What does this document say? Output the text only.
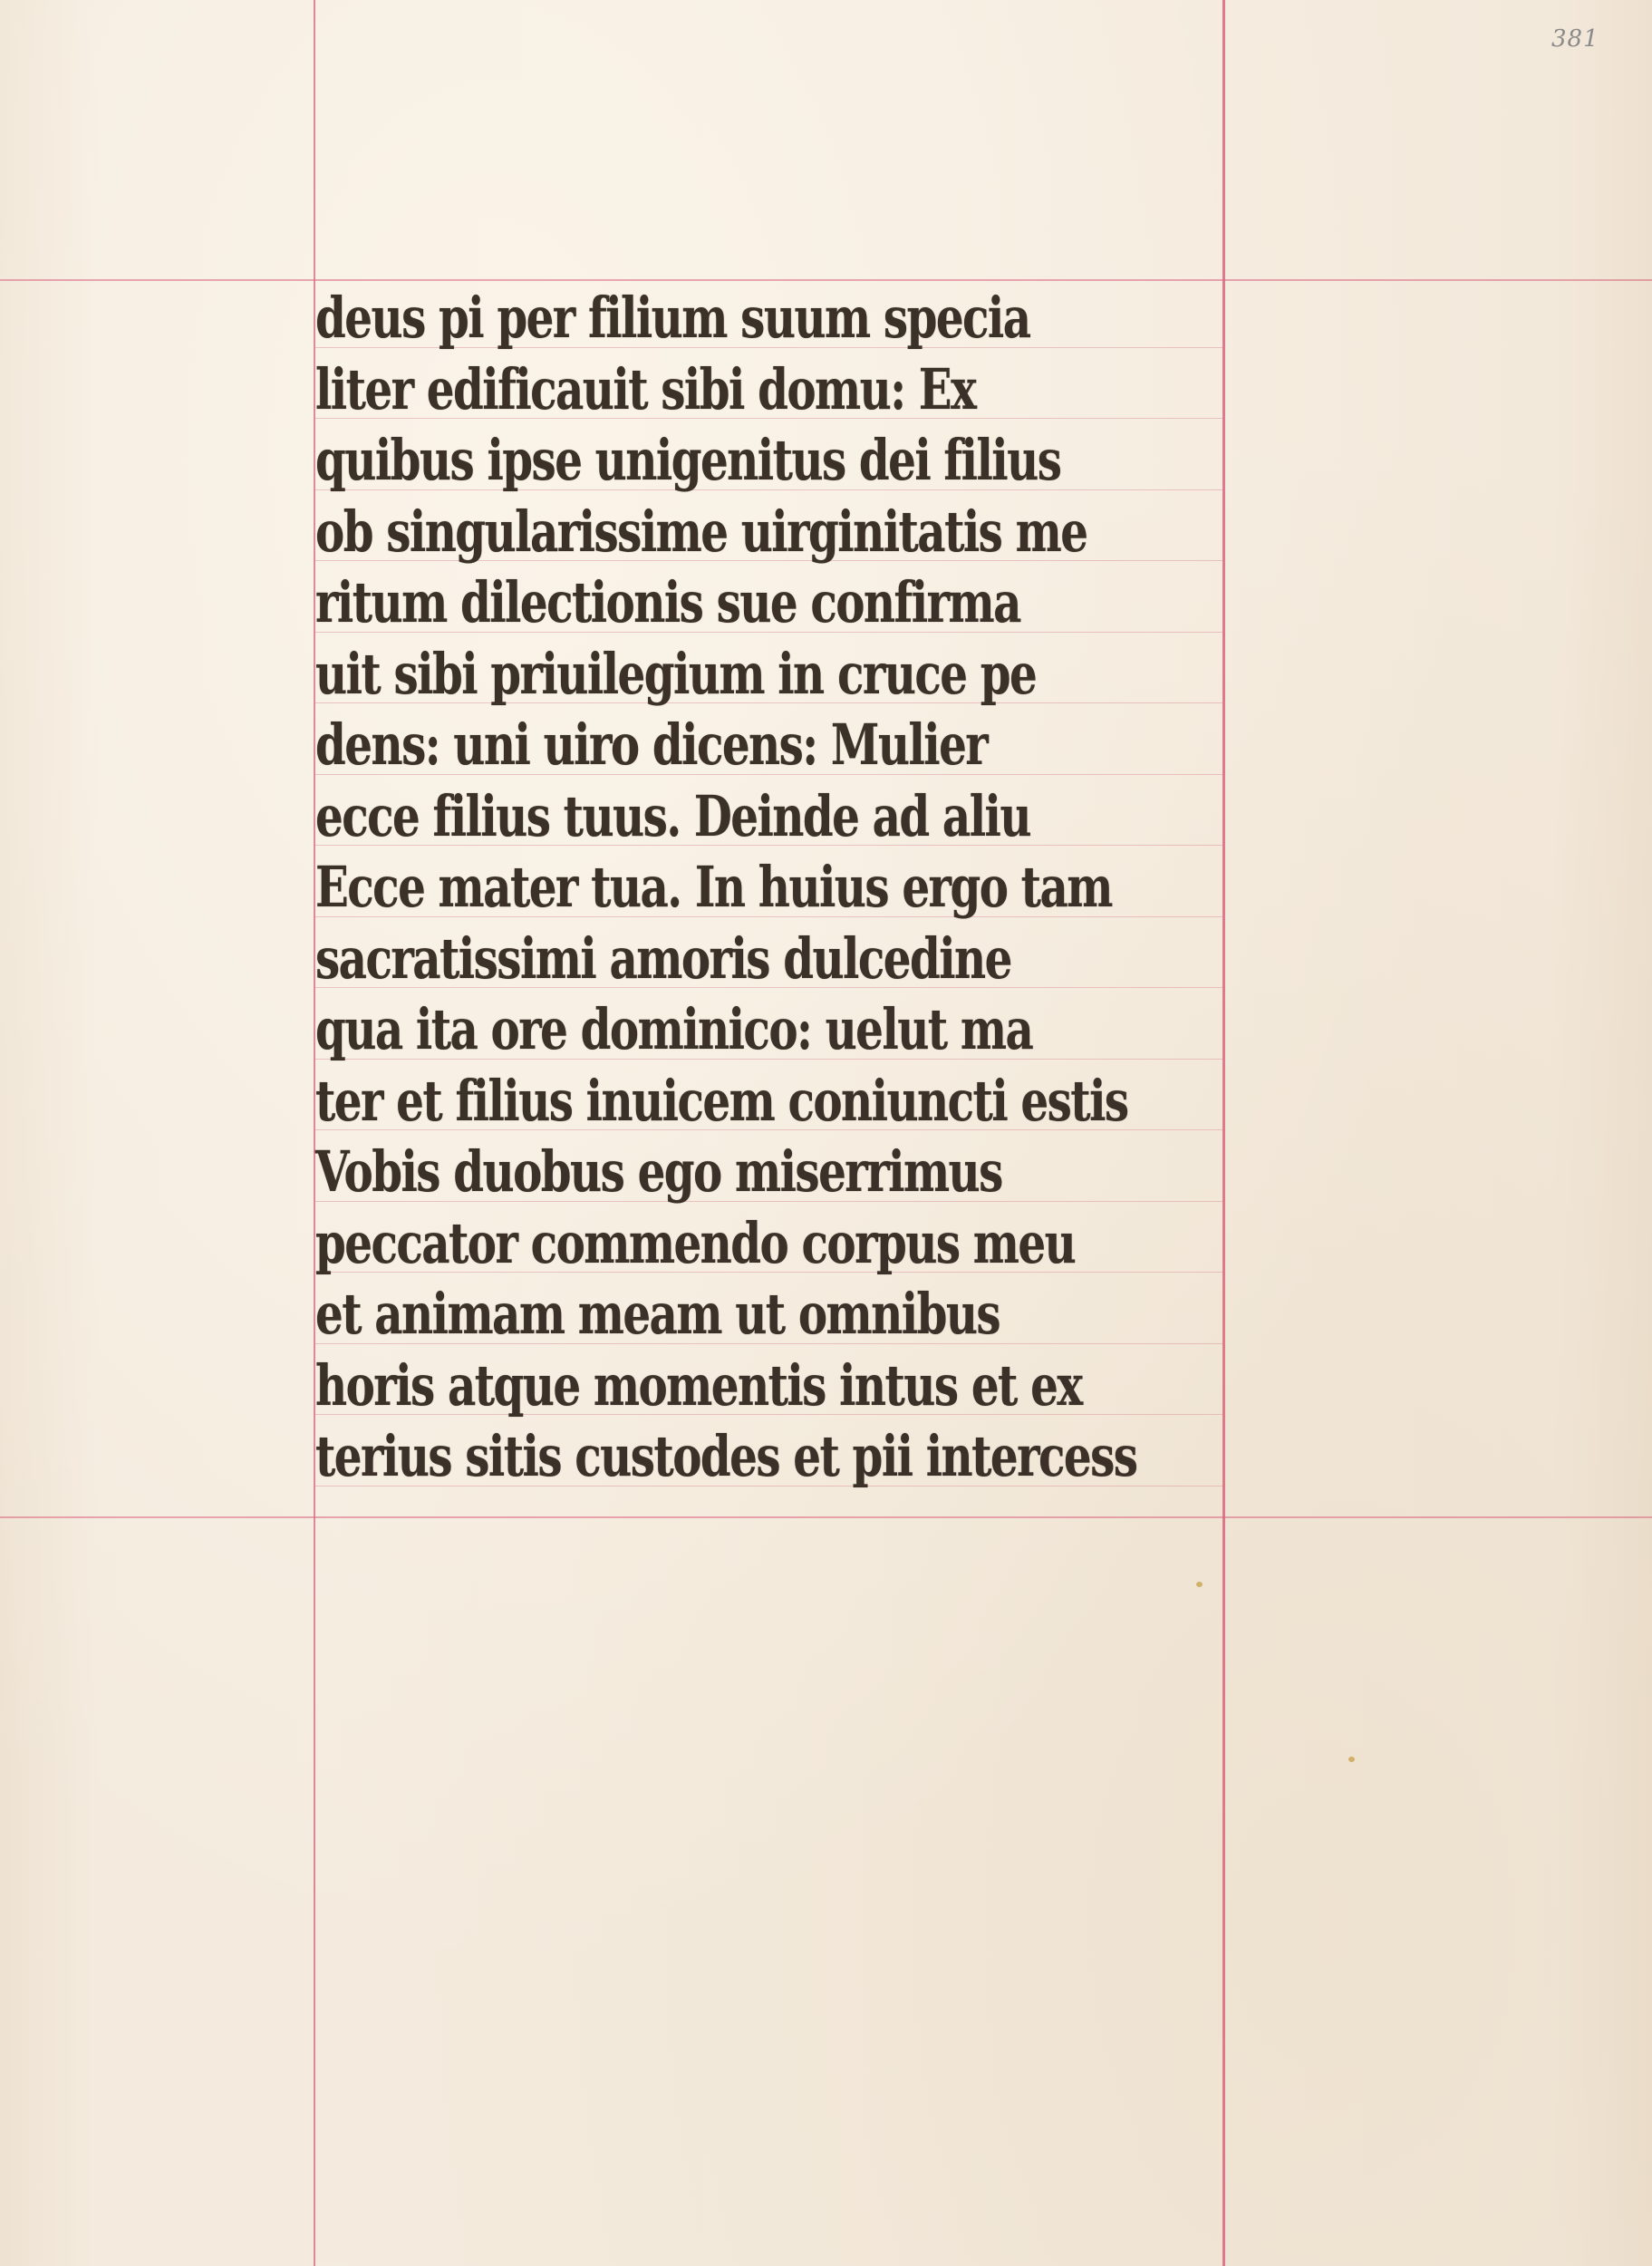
381
deus pi per filium suum specia
liter edificauit sibi domu: Ex
quibus ipse unigenitus dei filius
ob singularissime uirginitatis me
ritum dilectionis sue confirma
uit sibi priuilegium in cruce pe
dens: uni uiro dicens: Mulier
ecce filius tuus. Deinde ad aliu
Ecce mater tua. In huius ergo tam
sacratissimi amoris dulcedine
qua ita ore dominico: uelut ma
ter et filius inuicem coniuncti estis
Vobis duobus ego miserrimus
peccator commendo corpus meu
et animam meam ut omnibus
horis atque momentis intus et ex
terius sitis custodes et pii intercess
